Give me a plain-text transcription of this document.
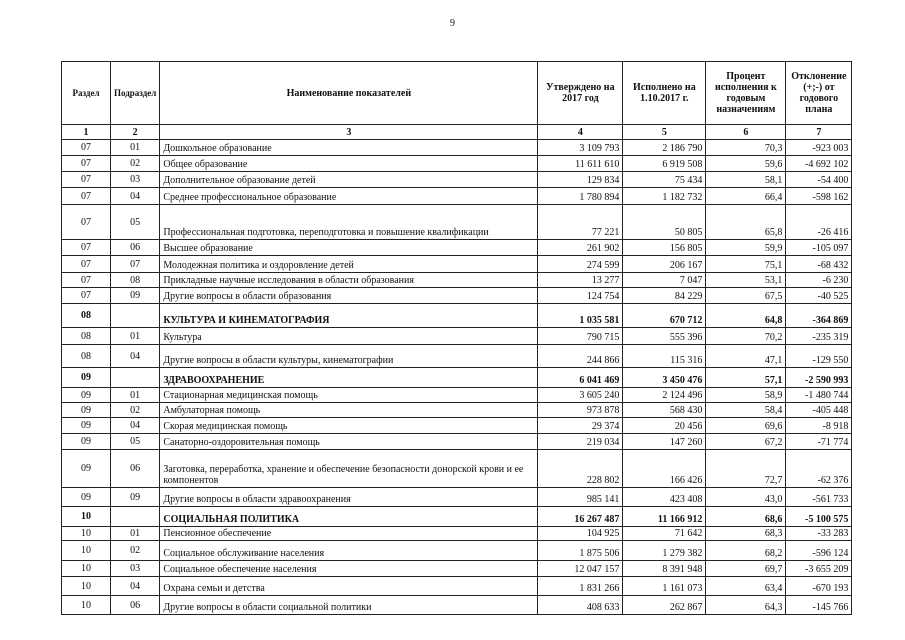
9
Раздел	Подраздел	Наименование показателей	Утверждено на 2017 год	Исполнено на 1.10.2017 г.	Процент исполнения к годовым назначениям	Отклонение (+;-) от годового плана
1	2	3	4	5	6	7
07	01	Дошкольное образование	3 109 793	2 186 790	70,3	-923 003
07	02	Общее образование	11 611 610	6 919 508	59,6	-4 692 102
07	03	Дополнительное образование детей	129 834	75 434	58,1	-54 400
07	04	Среднее профессиональное образование	1 780 894	1 182 732	66,4	-598 162
07	05	Профессиональная подготовка, переподготовка и повышение квалификации	77 221	50 805	65,8	-26 416
07	06	Высшее образование	261 902	156 805	59,9	-105 097
07	07	Молодежная политика и оздоровление детей	274 599	206 167	75,1	-68 432
07	08	Прикладные научные исследования в области образования	13 277	7 047	53,1	-6 230
07	09	Другие вопросы в области образования	124 754	84 229	67,5	-40 525
08		КУЛЬТУРА И КИНЕМАТОГРАФИЯ	1 035 581	670 712	64,8	-364 869
08	01	Культура	790 715	555 396	70,2	-235 319
08	04	Другие вопросы в области культуры, кинематографии	244 866	115 316	47,1	-129 550
09		ЗДРАВООХРАНЕНИЕ	6 041 469	3 450 476	57,1	-2 590 993
09	01	Стационарная медицинская помощь	3 605 240	2 124 496	58,9	-1 480 744
09	02	Амбулаторная помощь	973 878	568 430	58,4	-405 448
09	04	Скорая медицинская помощь	29 374	20 456	69,6	-8 918
09	05	Санаторно-оздоровительная помощь	219 034	147 260	67,2	-71 774
09	06	Заготовка, переработка, хранение и обеспечение безопасности донорской крови и ее компонентов	228 802	166 426	72,7	-62 376
09	09	Другие вопросы в области здравоохранения	985 141	423 408	43,0	-561 733
10		СОЦИАЛЬНАЯ ПОЛИТИКА	16 267 487	11 166 912	68,6	-5 100 575
10	01	Пенсионное обеспечение	104 925	71 642	68,3	-33 283
10	02	Социальное обслуживание населения	1 875 506	1 279 382	68,2	-596 124
10	03	Социальное обеспечение населения	12 047 157	8 391 948	69,7	-3 655 209
10	04	Охрана семьи и детства	1 831 266	1 161 073	63,4	-670 193
10	06	Другие вопросы в области социальной политики	408 633	262 867	64,3	-145 766
